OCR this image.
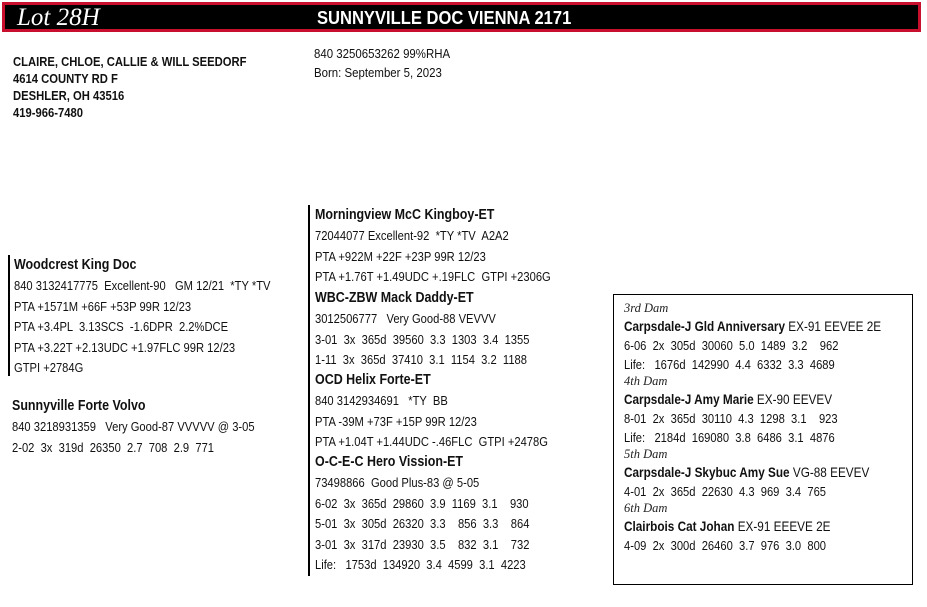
Lot 28H	SUNNYVILLE DOC VIENNA 2171
CLAIRE, CHLOE, CALLIE & WILL SEEDORF
4614 COUNTY RD F
DESHLER, OH 43516
419-966-7480
840 3250653262 99%RHA
Born: September 5, 2023
Woodcrest King Doc
840 3132417775  Excellent-90   GM 12/21  *TY *TV
PTA +1571M +66F +53P 99R 12/23
PTA +3.4PL  3.13SCS  -1.6DPR  2.2%DCE
PTA +3.22T +2.13UDC +1.97FLC 99R 12/23
GTPI +2784G
Sunnyville Forte Volvo
840 3218931359   Very Good-87 VVVVV @ 3-05
2-02  3x  319d  26350  2.7  708  2.9  771
Morningview McC Kingboy-ET
72044077 Excellent-92  *TY *TV  A2A2
PTA +922M +22F +23P 99R 12/23
PTA +1.76T +1.49UDC +.19FLC  GTPI +2306G
WBC-ZBW Mack Daddy-ET
3012506777   Very Good-88 VEVVV
3-01  3x  365d  39560  3.3  1303  3.4  1355
1-11  3x  365d  37410  3.1  1154  3.2  1188
OCD Helix Forte-ET
840 3142934691   *TY  BB
PTA -39M +73F +15P 99R 12/23
PTA +1.04T +1.44UDC -.46FLC  GTPI +2478G
O-C-E-C Hero Vission-ET
73498866  Good Plus-83 @ 5-05
6-02  3x  365d  29860  3.9  1169  3.1    930
5-01  3x  305d  26320  3.3    856  3.3    864
3-01  3x  317d  23930  3.5    832  3.1    732
Life:   1753d  134920  3.4  4599  3.1  4223
3rd Dam
Carpsdale-J Gld Anniversary EX-91 EEVEE 2E
6-06  2x  305d  30060  5.0  1489  3.2    962
Life:   1676d  142990  4.4  6332  3.3  4689
4th Dam
Carpsdale-J Amy Marie EX-90 EEVEV
8-01  2x  365d  30110  4.3  1298  3.1    923
Life:   2184d  169080  3.8  6486  3.1  4876
5th Dam
Carpsdale-J Skybuc Amy Sue VG-88 EEVEV
4-01  2x  365d  22630  4.3  969  3.4  765
6th Dam
Clairbois Cat Johan EX-91 EEEVE 2E
4-09  2x  300d  26460  3.7  976  3.0  800
